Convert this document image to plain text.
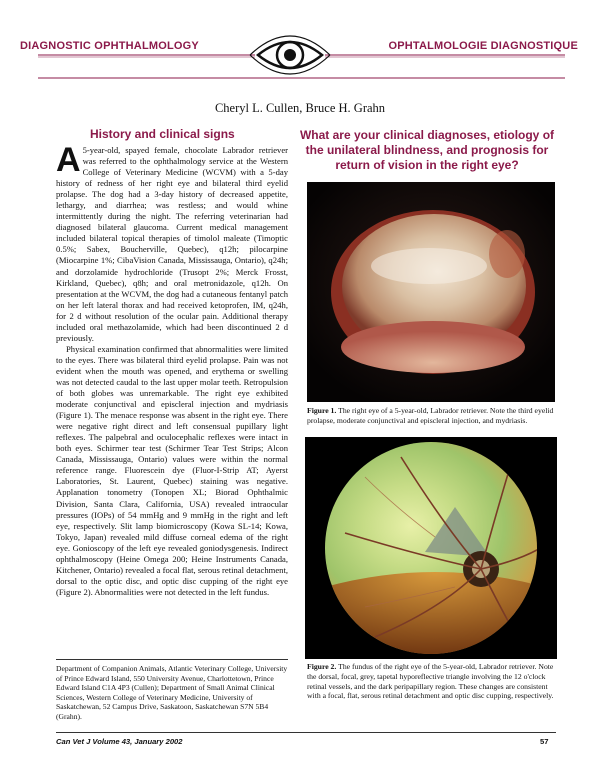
DIAGNOSTIC OPHTHALMOLOGY	OPHTALMOLOGIE DIAGNOSTIQUE
Cheryl L. Cullen, Bruce H. Grahn
History and clinical signs	What are your clinical diagnoses, etiology of the unilateral blindness, and prognosis for return of vision in the right eye?

A 5-year-old, spayed female, chocolate Labrador retriever was referred to the ophthalmology service at the Western College of Veterinary Medicine (WCVM) with a 5-day history of redness of her right eye and bilateral third eyelid prolapse. The dog had a 3-day history of decreased appetite, lethargy, and diarrhea; was restless; and would whine intermittently during the night. The referring veterinarian had diagnosed bilateral glaucoma. Current medical management included bilateral topical therapies of timolol maleate (Timoptic 0.5%; Sabex, Boucherville, Quebec), q12h; pilocarpine (Miocarpine 1%; CibaVision Canada, Mississauga, Ontario), q24h; and dorzolamide hydrochloride (Trusopt 2%; Merck Frosst, Kirkland, Quebec), q8h; and oral metronidazole, q12h. On presentation at the WCVM, the dog had a cutaneous fentanyl patch on her left lateral thorax and had received ketoprofen, IM, q24h, for 2 d without resolution of the ocular pain. Additional therapy included oral methazolamide, which had been discontinued 2 d previously.

Physical examination confirmed that abnormalities were limited to the eyes. There was bilateral third eyelid prolapse. Pain was not evident when the mouth was opened, and erythema or swelling was not detected caudal to the last upper molar teeth. Retropulsion of both globes was unremarkable. The right eye exhibited moderate conjunctival and episcleral injection and mydriasis (Figure 1). The menace response was absent in the right eye. There were negative right direct and left consensual pupillary light reflexes. The palpebral and oculocephalic reflexes were intact in both eyes. Schirmer tear test (Schirmer Tear Test Strips; Alcon Canada, Mississauga, Ontario) values were within the normal reference range. Fluorescein dye (Fluor-I-Strip AT; Ayerst Laboratories, St. Laurent, Quebec) staining was negative. Applanation tonometry (Tonopen XL; Biorad Ophthalmic Division, Santa Clara, California, USA) revealed intraocular pressures (IOPs) of 54 mmHg and 9 mmHg in the right and left eye, respectively. Slit lamp biomicroscopy (Kowa SL-14; Kowa, Tokyo, Japan) revealed mild diffuse corneal edema of the right eye. Gonioscopy of the left eye revealed goniodysgenesis. Indirect ophthalmoscopy (Heine Omega 200; Heine Instruments Canada, Kitchener, Ontario) revealed a focal flat, serous retinal detachment, dorsal to the optic disc, and optic disc cupping of the right eye (Figure 2). Abnormalities were not detected in the left fundus.

Department of Companion Animals, Atlantic Veterinary College, University of Prince Edward Island, 550 University Avenue, Charlottetown, Prince Edward Island C1A 4P3 (Cullen); Department of Small Animal Clinical Sciences, Western College of Veterinary Medicine, University of Saskatchewan, 52 Campus Drive, Saskatoon, Saskatchewan S7N 5B4 (Grahn).
Figure 1. The right eye of a 5-year-old, Labrador retriever. Note the third eyelid prolapse, moderate conjunctival and episcleral injection, and mydriasis.
Figure 2. The fundus of the right eye of the 5-year-old, Labrador retriever. Note the dorsal, focal, grey, tapetal hyporeflective triangle involving the 12 o'clock retinal vessels, and the dark peripapillary region. These changes are consistent with a focal, flat, serous retinal detachment and optic disc cupping, respectively.
Can Vet J Volume 43, January 2002	57
